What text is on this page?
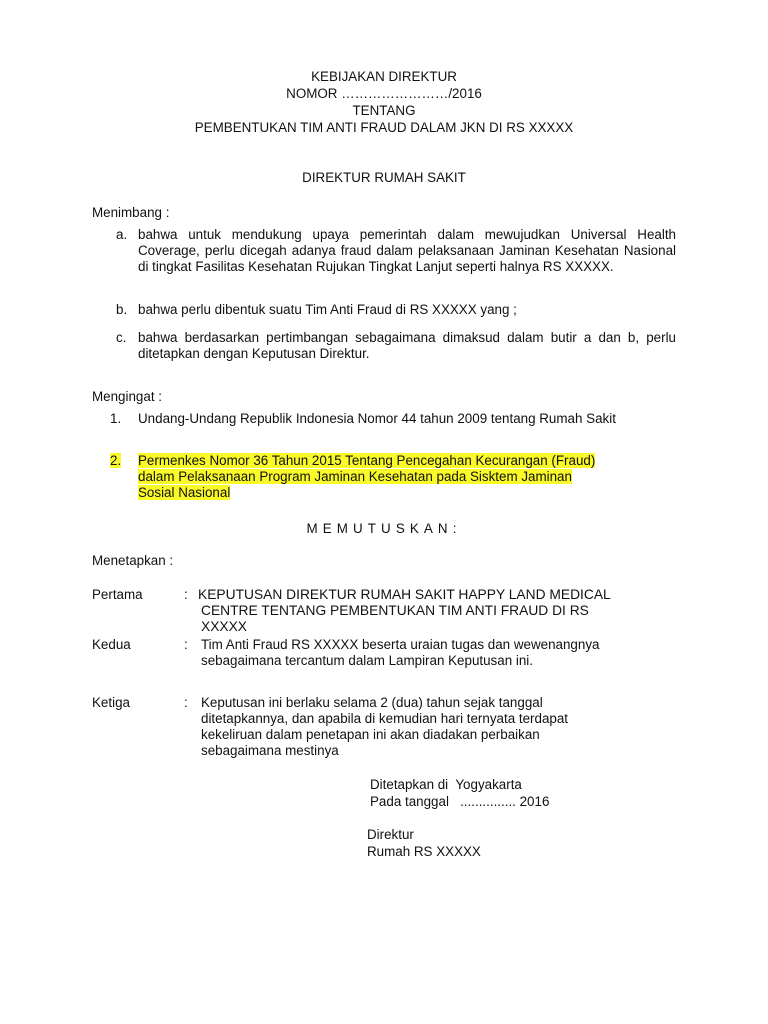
KEBIJAKAN DIREKTUR
NOMOR ……………………/2016
TENTANG
PEMBENTUKAN TIM ANTI FRAUD DALAM JKN DI RS XXXXX
DIREKTUR RUMAH SAKIT
Menimbang :
a. bahwa untuk mendukung upaya pemerintah dalam mewujudkan Universal Health Coverage, perlu dicegah adanya fraud dalam pelaksanaan Jaminan Kesehatan Nasional di tingkat Fasilitas Kesehatan Rujukan Tingkat Lanjut seperti halnya RS XXXXX.
b. bahwa perlu dibentuk suatu Tim Anti Fraud di RS XXXXX yang ;
c. bahwa berdasarkan pertimbangan sebagaimana dimaksud dalam butir a dan b, perlu ditetapkan dengan Keputusan Direktur.
Mengingat :
1. Undang-Undang Republik Indonesia Nomor 44 tahun 2009 tentang Rumah Sakit
2. Permenkes Nomor 36 Tahun 2015 Tentang Pencegahan Kecurangan (Fraud)
dalam Pelaksanaan Program Jaminan Kesehatan pada Sisktem Jaminan
Sosial Nasional
MEMUTUSKAN:
Menetapkan :
Pertama	: KEPUTUSAN DIREKTUR RUMAH SAKIT HAPPY LAND MEDICAL
CENTRE TENTANG PEMBENTUKAN TIM ANTI FRAUD DI RS
XXXXX
Kedua	: Tim Anti Fraud RS XXXXX beserta uraian tugas dan wewenangnya
sebagaimana tercantum dalam Lampiran Keputusan ini.
Ketiga	: Keputusan ini berlaku selama 2 (dua) tahun sejak tanggal
ditetapkannya, dan apabila di kemudian hari ternyata terdapat
kekeliruan dalam penetapan ini akan diadakan perbaikan
sebagaimana mestinya
Ditetapkan di  Yogyakarta
Pada tanggal   ............... 2016
Direktur
Rumah RS XXXXX
